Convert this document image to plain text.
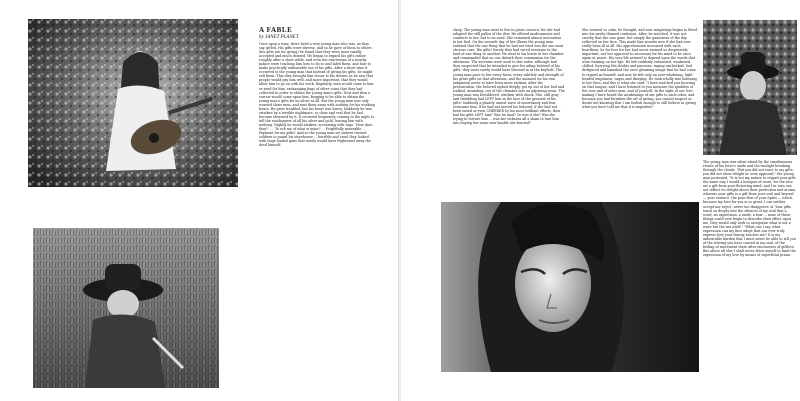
A FABLE
by JANET PLANET

Once upon a time, there lived a very young man who was, as they say, gifted. His gifts were diverse, and so he gave of them to others (his gifts are for giving) he found that they were most readily accepted and much desired. He began to regard his gifts rather roughly after a short while, and even the courtesans of a nearby palace were teaching him how to do so and label them, and how to make practically unbearable use of his gifts. After a short time it occurred to the young man that instead of giving his gifts, he might sell them. This idea brought him closer to his desires as he saw that people would pay him well, and more important, that they would allow him to go on with his work. Regularly, men would come to him or send for him, exchanging bags of silver coins that they had collected in order to obtain the young man's gifts. Now and then a sorrow would come upon him, begging to be able to obtain the young man's gifts for no silver at all. But the young man was only worried those men, and sent them away with nothing for his working hours. He grew troubled, but his heart was heavy. Suddenly he was stricken by a terrible nightmare, so clear and real that he had become obsessed by it. It recurred frequently, coming in the night to tell the soothsayers of all his silver and gold, leaving him with nothing. Nightly he would awaken, screaming with rage. 'How dare they?' ... 'To rob me of what is mine!' ... Frightfully miserable ... Payment for my gifts!' And so the young man set sixteen trusted soldiers to guard his storehouse ... horrible and cruel they looked with huge loaded guns that surely would have frightened away the devil himself.

sleep. The young man went to live in great concern, for she had adopted the still pallor of the dew. He offered medicaments and comforts to her, but to no avail. She remained almost motionless in her bed. On the seventh day of her illness the young man realized that the one thing that he had not tried was the one most obvious cure. His gifts! Surely they had cured everyone in the land of one thing or another. He went to his house in her chamber and commanded that no one disturb their communion for the afternoon. The servants were used to this order, although had they suspected that he intended to give his ailing beloved of his gifts, they most surely would have listened in at the keyhole. The young man gave to her every favor, every subtlety and strength of his great gifts on that afternoon, and the moment (in his own judgment) never to have been more radiant. After the presentation, the beloved sighed deeply, got up out of her bed and walked, unsmiling, out of the chamber into an adjoining room. The young man was bewildered, stricken with shock. She, still gray and trembling had LEFT him in the face of the greatest of his gifts! Suddenly a ghastly unreal wave of uncertainty and fear overcame him. If he had not moved his beloved, if she had not been eased or even CHEERED by his most brilliant efforts, then had his gifts LEFT him? Was he mad? Or was it she? Was she trying to torture him ... was her sickness all a sham to lure him into buying her some new bauble she fancied?

She seemed so calm, he thought, and now misgivings began to bleed into his newly thinned confusion. After, he watched, it was not cruelty that she was gone, but simply the gauntness of the day reflected on her face. This made him wonder now if she had ever really been ill at all. His apprehension increased with each heartbeat, he for love for her had never seemed so desperately important, nor her approval so necessary for his mind to be once again at peace. His very life seemed to depend upon the words that were forming on her lips. He left suddenly exhausted, weakened, chilled, hurrying His doubts and passions, raging unchecked. Sad disfigured and banished the once gleaming image that he had come to regard as himself, and now he felt only an over-whelming, light-headed emptiness, vague and dizzying. He took wholly into listening to her then, and this is what she said: "I have watched you focusing on that tongue, and I have listened to you measure the qualities of the rose and of other men, and of yourself. In the sight of our love-making I have heard the awakenings of our gifts to each other, and because you had forsaken the art of giving, you cannot inspect or desire me knowing that I am foolish enough to still believe in giving what you have told me that it is impudent."

The young man was silent afraid by the simultaneous return of his lover's smile and the sunlight breaking through the clouds. "But you did not react to my gifts, you did not show delight or even approval," the young man protested. "It is not my nature to regard your gifts the same way I would a bouquet of roses, for the rose art a gift from your flowering mind, and I in turn can not reflect its delight about their perfection and aroma, whereas your gifts is a gift from your soul and beyond — your essence, the pure flow of your Spirit — which, because my love for you is so great, I can neither accept nor reject, never too disapprove of. Your gifts touch so deeply into the silences of my soul that a word, an expression, a smile, a tear ... none of these things could ever begin to describe their effect upon me, they would only seek to categorize what is not a wave but the sea itself." "What can I say, what expression can my face adopt that can ever truly express how your beauty touches me? It is my unbearable burden that I must never be able to tell you of the stirring you have caused in my soul, of the feeling of movement there after encounters of giftlove. But above all else I shall never allow myself to limit the expression of my love by means of superficial praise.
